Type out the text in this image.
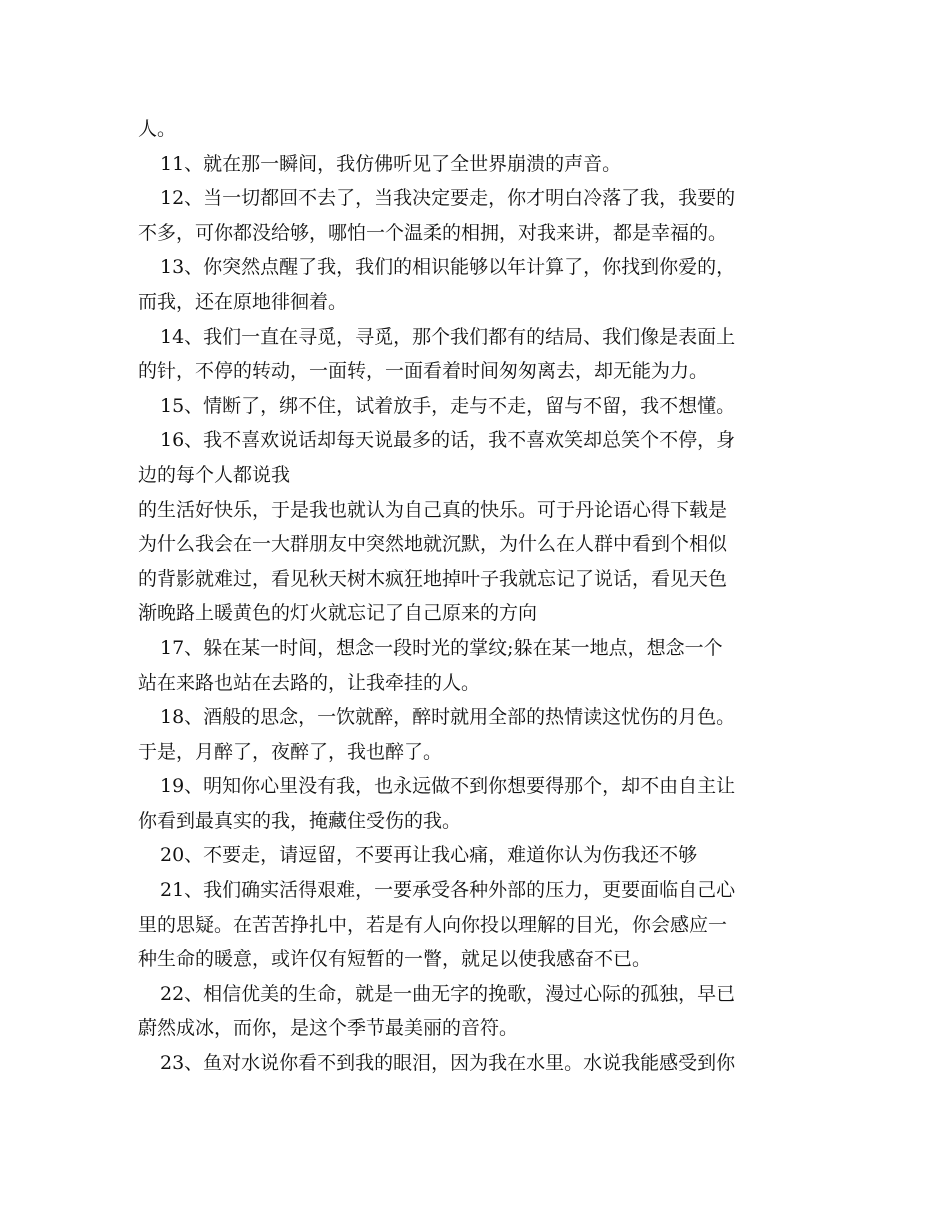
人。
11、就在那一瞬间，我仿佛听见了全世界崩溃的声音。
12、当一切都回不去了，当我决定要走，你才明白冷落了我，我要的
不多，可你都没给够，哪怕一个温柔的相拥，对我来讲，都是幸福的。
13、你突然点醒了我，我们的相识能够以年计算了，你找到你爱的，
而我，还在原地徘徊着。
14、我们一直在寻觅，寻觅，那个我们都有的结局、我们像是表面上
的针，不停的转动，一面转，一面看着时间匆匆离去，却无能为力。
15、情断了，绑不住，试着放手，走与不走，留与不留，我不想懂。
16、我不喜欢说话却每天说最多的话，我不喜欢笑却总笑个不停，身
边的每个人都说我
的生活好快乐，于是我也就认为自己真的快乐。可于丹论语心得下载是
为什么我会在一大群朋友中突然地就沉默，为什么在人群中看到个相似
的背影就难过，看见秋天树木疯狂地掉叶子我就忘记了说话，看见天色
渐晚路上暖黄色的灯火就忘记了自己原来的方向
17、躲在某一时间，想念一段时光的掌纹;躲在某一地点，想念一个
站在来路也站在去路的，让我牵挂的人。
18、酒般的思念，一饮就醉，醉时就用全部的热情读这忧伤的月色。
于是，月醉了，夜醉了，我也醉了。
19、明知你心里没有我，也永远做不到你想要得那个，却不由自主让
你看到最真实的我，掩藏住受伤的我。
20、不要走，请逗留，不要再让我心痛，难道你认为伤我还不够
21、我们确实活得艰难，一要承受各种外部的压力，更要面临自己心
里的思疑。在苦苦挣扎中，若是有人向你投以理解的目光，你会感应一
种生命的暖意，或许仅有短暂的一瞥，就足以使我感奋不已。
22、相信优美的生命，就是一曲无字的挽歌，漫过心际的孤独，早已
蔚然成冰，而你，是这个季节最美丽的音符。
23、鱼对水说你看不到我的眼泪，因为我在水里。水说我能感受到你
